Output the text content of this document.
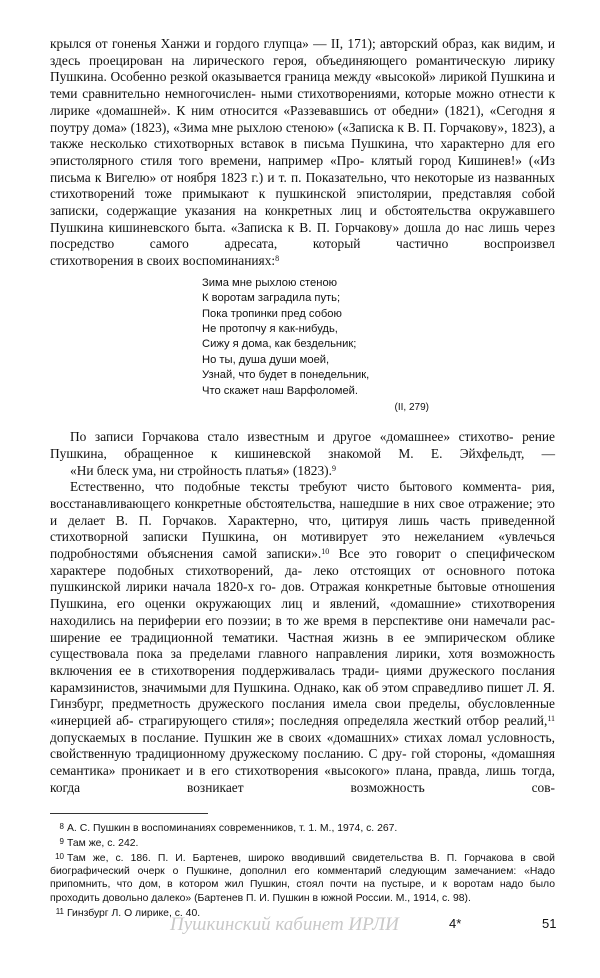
крылся от гоненья Ханжи и гордого глупца» — II, 171); авторский образ, как видим, и здесь проецирован на лирического героя, объединяющего романтическую лирику Пушкина. Особенно резкой оказывается граница между «высокой» лирикой Пушкина и теми сравнительно немногочислен- ными стихотворениями, которые можно отнести к лирике «домашней». К ним относится «Раззевавшись от обедни» (1821), «Сегодня я поутру дома» (1823), «Зима мне рыхлою стеною» («Записка к В. П. Горчакову», 1823), а также несколько стихотворных вставок в письма Пушкина, что характерно для его эпистолярного стиля того времени, например «Про- клятый город Кишинев!» («Из письма к Вигелю» от ноября 1823 г.) и т. п. Показательно, что некоторые из названных стихотворений тоже примыкают к пушкинской эпистолярии, представляя собой записки, содержащие указания на конкретных лиц и обстоятельства окружавшего Пушкина кишиневского быта. «Записка к В. П. Горчакову» дошла до нас лишь через посредство самого адресата, который частично воспроизвел
стихотворения в своих воспоминаниях:$^8$

Зима мне рыхлою стеною
К воротам заградила путь;
Пока тропинки пред собою
Не протопчу я как-нибудь,
Сижу я дома, как бездельник;
Но ты, душа души моей,
Узнай, что будет в понедельник,
Что скажет наш Варфоломей.
(II, 279)

По записи Горчакова стало известным и другое «домашнее» стихотво- рение Пушкина, обращенное к кишиневской знакомой М. Е. Эйхфельдт, —
«Ни блеск ума, ни стройность платья» (1823).$^9$

Естественно, что подобные тексты требуют чисто бытового коммента- рия, восстанавливающего конкретные обстоятельства, нашедшие в них свое отражение; это и делает В. П. Горчаков. Характерно, что, цитируя лишь часть приведенной стихотворной записки Пушкина, он мотивирует это нежеланием «увлечься подробностями объяснения самой записки».$^{10}$ Все это говорит о специфическом характере подобных стихотворений, да- леко отстоящих от основного потока пушкинской лирики начала 1820-х го- дов. Отражая конкретные бытовые отношения Пушкина, его оценки окружающих лиц и явлений, «домашние» стихотворения находились на периферии его поэзии; в то же время в перспективе они намечали рас- ширение ее традиционной тематики. Частная жизнь в ее эмпирическом облике существовала пока за пределами главного направления лирики, хотя возможность включения ее в стихотворения поддерживалась тради- циями дружеского послания карамзинистов, значимыми для Пушкина. Однако, как об этом справедливо пишет Л. Я. Гинзбург, предметность дружеского послания имела свои пределы, обусловленные «инерцией аб- страгирующего стиля»; последняя определяла жесткий отбор реалий,$^{11}$ допускаемых в послание. Пушкин же в своих «домашних» стихах ломал условность, свойственную традиционному дружескому посланию. С дру- гой стороны, «домашняя семантика» проникает и в его стихотворения «высокого» плана, правда, лишь тогда, когда возникает возможность сов-

8 А. С. Пушкин в воспоминаниях современников, т. 1. М., 1974, с. 267.

9 Там же, с. 242.

10 Там же, с. 186. П. И. Бартенев, широко вводивший свидетельства В. П. Горчакова в свой биографический очерк о Пушкине, дополнил его комментарий следующим замечанием: «Надо припомнить, что дом, в котором жил Пушкин, стоял почти на пустыре, и к воротам надо было проходить довольно далеко» (Бартенев П. И. Пушкин в южной России. М., 1914, с. 98).

11 Гинзбург Л. О лирике, с. 40.

Пушкинский кабинет ИРЛИ	4*	51
